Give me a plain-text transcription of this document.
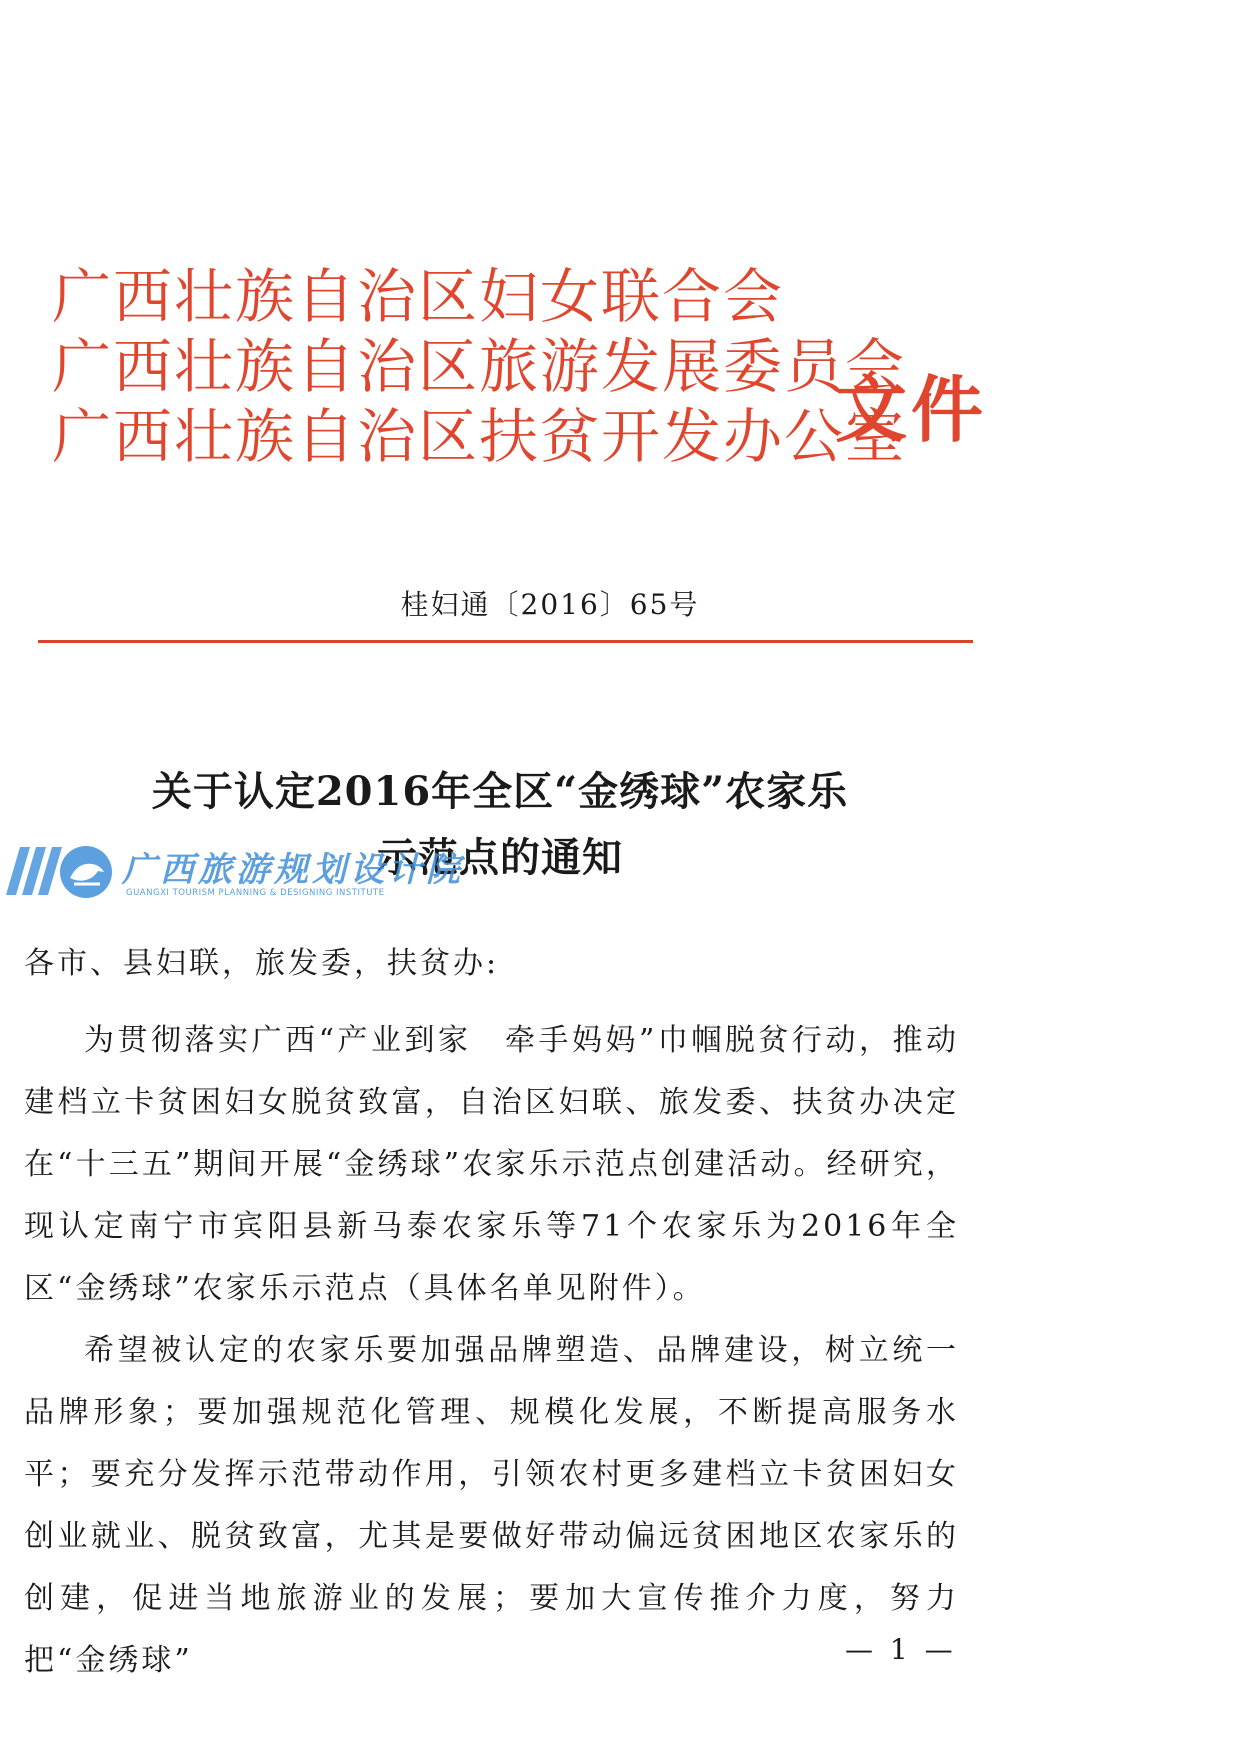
广西壮族自治区妇女联合会
广西壮族自治区旅游发展委员会
广西壮族自治区扶贫开发办公室
文件
桂妇通〔2016〕65号
关于认定2016年全区“金绣球”农家乐
示范点的通知
广西旅游规划设计院
GUANGXI TOURISM PLANNING & DESIGNING INSTITUTE
各市、县妇联，旅发委，扶贫办:

为贯彻落实广西“产业到家　牵手妈妈”巾帼脱贫行动，推动建档立卡贫困妇女脱贫致富，自治区妇联、旅发委、扶贫办决定在“十三五”期间开展“金绣球”农家乐示范点创建活动。经研究，现认定南宁市宾阳县新马泰农家乐等71个农家乐为2016年全区“金绣球”农家乐示范点（具体名单见附件）。

希望被认定的农家乐要加强品牌塑造、品牌建设，树立统一品牌形象；要加强规范化管理、规模化发展，不断提高服务水平；要充分发挥示范带动作用，引领农村更多建档立卡贫困妇女创业就业、脱贫致富，尤其是要做好带动偏远贫困地区农家乐的创建，促进当地旅游业的发展；要加大宣传推介力度，努力把“金绣球”	— 1 —
